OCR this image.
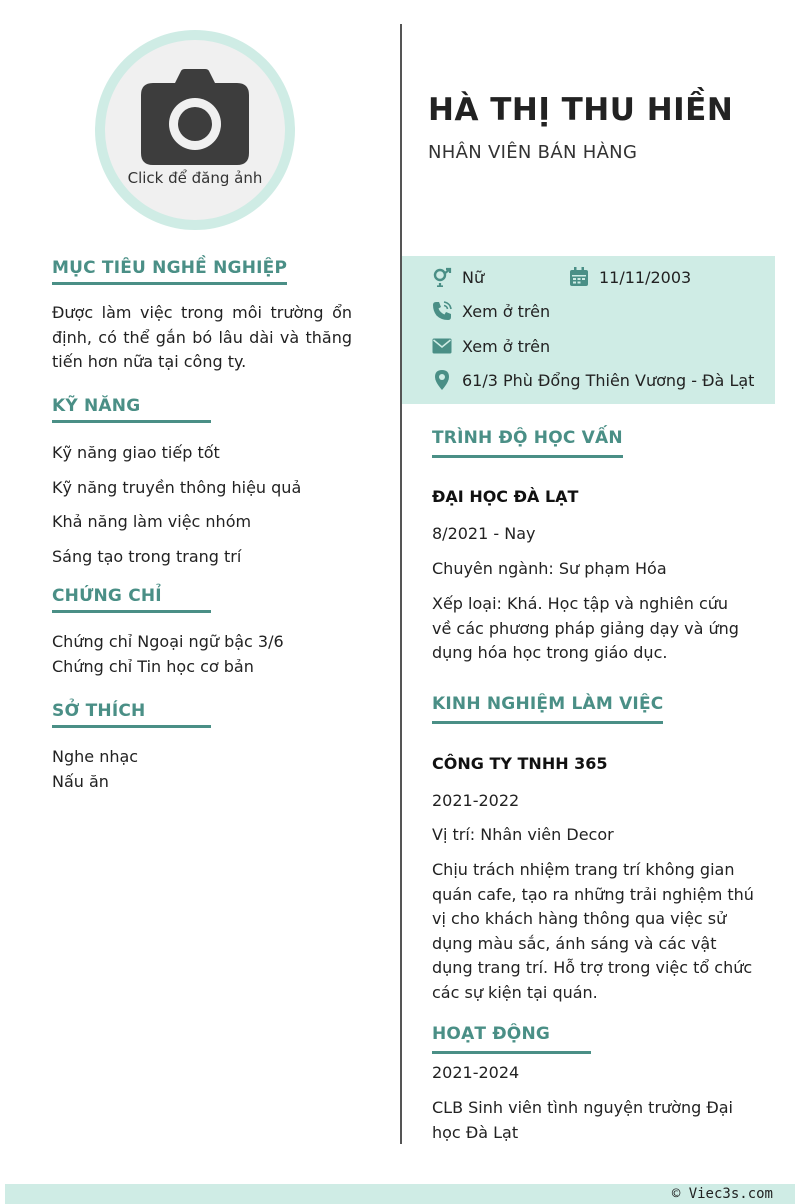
Click để đăng ảnh
MỤC TIÊU NGHỀ NGHIỆP
Được làm việc trong môi trường ổn định, có thể gắn bó lâu dài và thăng tiến hơn nữa tại công ty.
KỸ NĂNG
Kỹ năng giao tiếp tốt
Kỹ năng truyền thông hiệu quả
Khả năng làm việc nhóm
Sáng tạo trong trang trí
CHỨNG CHỈ
Chứng chỉ Ngoại ngữ bậc 3/6
Chứng chỉ Tin học cơ bản
SỞ THÍCH
Nghe nhạc
Nấu ăn
HÀ THỊ THU HIỀN
NHÂN VIÊN BÁN HÀNG
Nữ	11/11/2003
Xem ở trên
Xem ở trên
61/3 Phù Đổng Thiên Vương - Đà Lạt
TRÌNH ĐỘ HỌC VẤN
ĐẠI HỌC ĐÀ LẠT
8/2021 - Nay
Chuyên ngành: Sư phạm Hóa
Xếp loại: Khá. Học tập và nghiên cứu về các phương pháp giảng dạy và ứng dụng hóa học trong giáo dục.
KINH NGHIỆM LÀM VIỆC
CÔNG TY TNHH 365
2021-2022
Vị trí: Nhân viên Decor
Chịu trách nhiệm trang trí không gian quán cafe, tạo ra những trải nghiệm thú vị cho khách hàng thông qua việc sử dụng màu sắc, ánh sáng và các vật dụng trang trí. Hỗ trợ trong việc tổ chức các sự kiện tại quán.
HOẠT ĐỘNG
2021-2024
CLB Sinh viên tình nguyện trường Đại học Đà Lạt
© Viec3s.com
